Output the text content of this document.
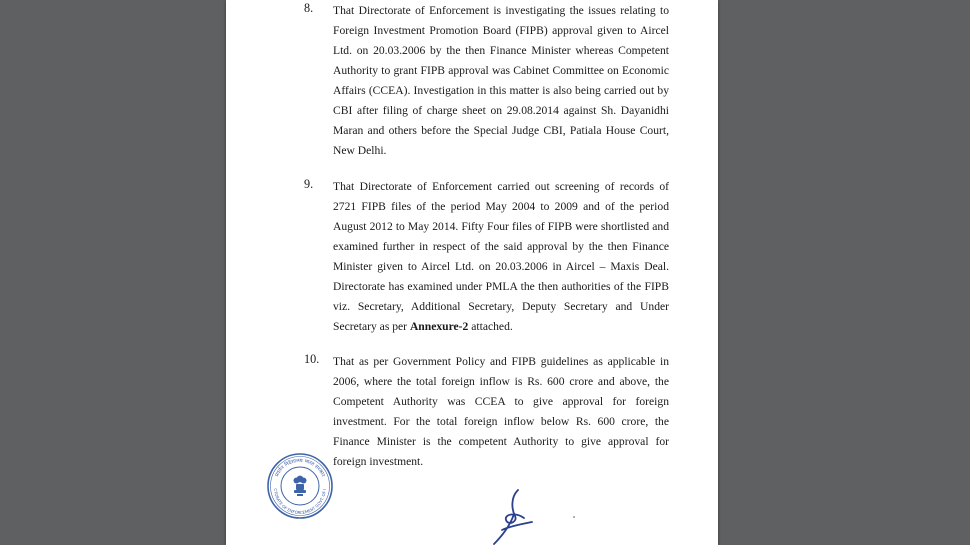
8. That Directorate of Enforcement is investigating the issues relating to Foreign Investment Promotion Board (FIPB) approval given to Aircel Ltd. on 20.03.2006 by the then Finance Minister whereas Competent Authority to grant FIPB approval was Cabinet Committee on Economic Affairs (CCEA). Investigation in this matter is also being carried out by CBI after filing of charge sheet on 29.08.2014 against Sh. Dayanidhi Maran and others before the Special Judge CBI, Patiala House Court, New Delhi.
9. That Directorate of Enforcement carried out screening of records of 2721 FIPB files of the period May 2004 to 2009 and of the period August 2012 to May 2014. Fifty Four files of FIPB were shortlisted and examined further in respect of the said approval by the then Finance Minister given to Aircel Ltd. on 20.03.2006 in Aircel – Maxis Deal. Directorate has examined under PMLA the then authorities of the FIPB viz. Secretary, Additional Secretary, Deputy Secretary and Under Secretary as per Annexure-2 attached.
10. That as per Government Policy and FIPB guidelines as applicable in 2006, where the total foreign inflow is Rs. 600 crore and above, the Competent Authority was CCEA to give approval for foreign investment. For the total foreign inflow below Rs. 600 crore, the Finance Minister is the competent Authority to give approval for foreign investment.
प्रवर्तन निदेशालय भारत सरकार
CTORATE OF ENFORCEMENT GOVT. OF I
